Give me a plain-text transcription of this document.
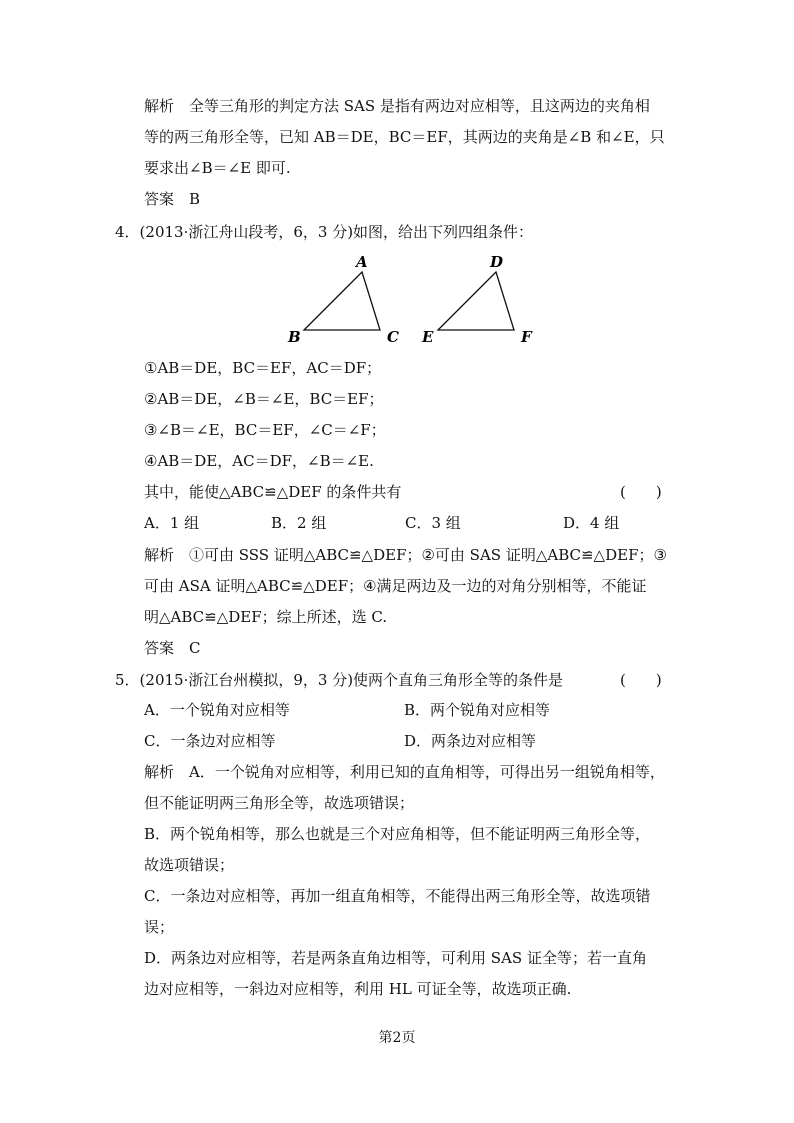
解析　全等三角形的判定方法 SAS 是指有两边对应相等，且这两边的夹角相
等的两三角形全等，已知 AB＝DE，BC＝EF，其两边的夹角是∠B 和∠E，只
要求出∠B＝∠E 即可.
答案　B
4．(2013·浙江舟山段考，6，3 分)如图，给出下列四组条件：
A
B	C
D
E	F
①AB＝DE，BC＝EF，AC＝DF；
②AB＝DE，∠B＝∠E，BC＝EF；
③∠B＝∠E，BC＝EF，∠C＝∠F；
④AB＝DE，AC＝DF，∠B＝∠E.
其中，能使△ABC≌△DEF 的条件共有	(　　)
A．1 组	B．2 组	C．3 组	D．4 组
解析　①可由 SSS 证明△ABC≌△DEF；②可由 SAS 证明△ABC≌△DEF；③
可由 ASA 证明△ABC≌△DEF；④满足两边及一边的对角分别相等，不能证
明△ABC≌△DEF；综上所述，选 C.
答案　C
5．(2015·浙江台州模拟，9，3 分)使两个直角三角形全等的条件是	(　　)
A．一个锐角对应相等	B．两个锐角对应相等
C．一条边对应相等	D．两条边对应相等
解析　A．一个锐角对应相等，利用已知的直角相等，可得出另一组锐角相等，
但不能证明两三角形全等，故选项错误；
B．两个锐角相等，那么也就是三个对应角相等，但不能证明两三角形全等，
故选项错误；
C．一条边对应相等，再加一组直角相等，不能得出两三角形全等，故选项错
误；
D．两条边对应相等，若是两条直角边相等，可利用 SAS 证全等；若一直角
边对应相等，一斜边对应相等，利用 HL 可证全等，故选项正确.
第2页
